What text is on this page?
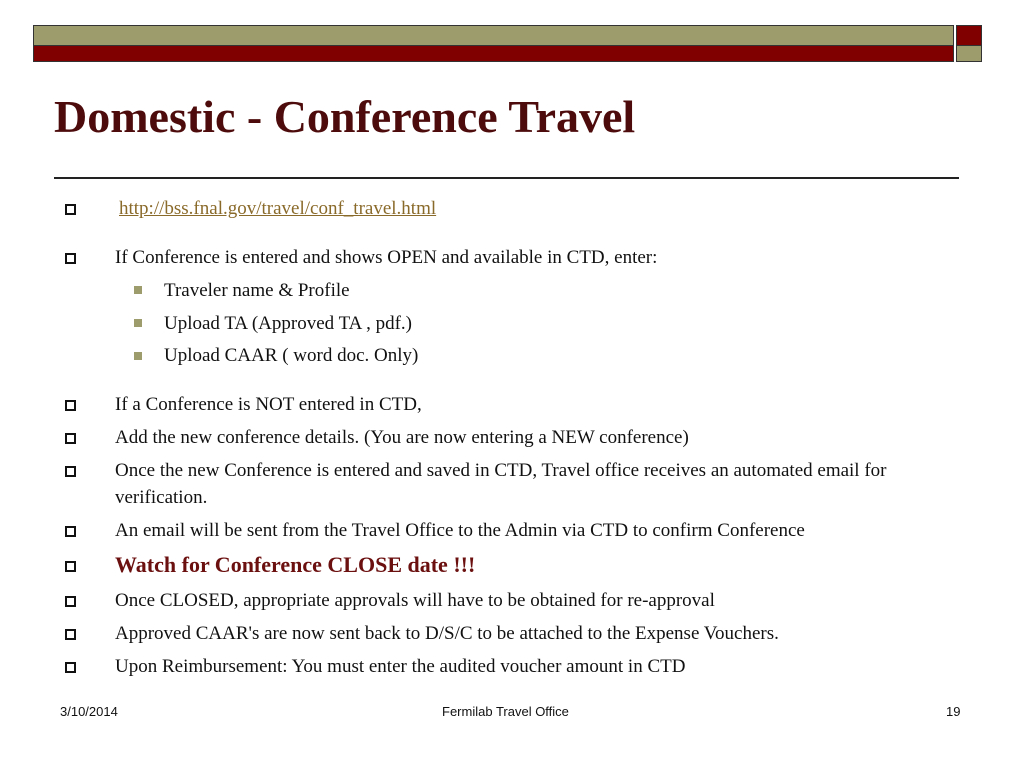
Domestic - Conference Travel
http://bss.fnal.gov/travel/conf_travel.html
If Conference is entered and shows OPEN and available in CTD, enter:
Traveler name & Profile
Upload TA (Approved TA , pdf.)
Upload CAAR ( word doc. Only)
If a Conference is NOT entered in CTD,
Add the new conference details. (You are now entering a NEW conference)
Once the new Conference is entered and saved in CTD, Travel office receives an automated email for verification.
An email will be sent from the Travel Office to the Admin via CTD to confirm Conference
Watch for Conference CLOSE date !!!
Once CLOSED, appropriate approvals will have to be obtained for re-approval
Approved CAAR's are now sent back to D/S/C to be attached to the Expense Vouchers.
Upon Reimbursement: You must enter the audited voucher amount in CTD
3/10/2014	Fermilab Travel Office	19
